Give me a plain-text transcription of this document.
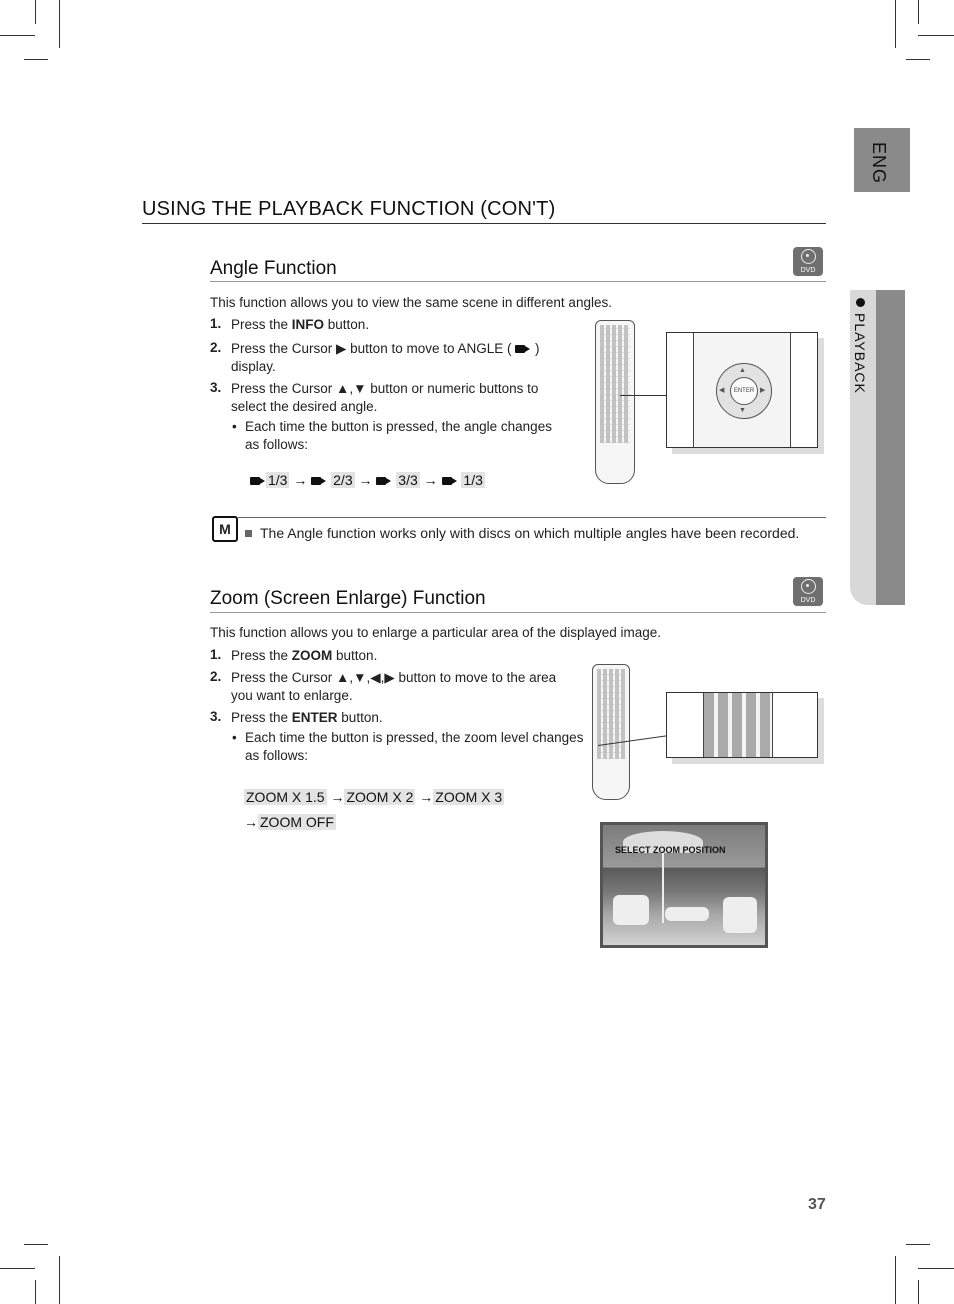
ENG
PLAYBACK
USING THE PLAYBACK FUNCTION (CON'T)
Angle Function	DVD
This function allows you to view the same scene in different angles.
1. Press the INFO button.
2. Press the Cursor ▶ button to move to ANGLE ( )
display.
3. Press the Cursor ▲,▼ button or numeric buttons to
select the desired angle.
• Each time the button is pressed, the angle changes
as follows:
1/3 → 2/3 → 3/3 → 1/3
ENTER
▲
▼
◀	▶
M	The Angle function works only with discs on which multiple angles have been recorded.
Zoom (Screen Enlarge) Function	DVD
This function allows you to enlarge a particular area of the displayed image.
1. Press the ZOOM button.
2. Press the Cursor ▲,▼,◀,▶ button to move to the area
you want to enlarge.
3. Press the ENTER button.
• Each time the button is pressed, the zoom level changes
as follows:
ZOOM X 1.5 → ZOOM X 2 → ZOOM X 3
→ ZOOM OFF
SELECT ZOOM POSITION
37
